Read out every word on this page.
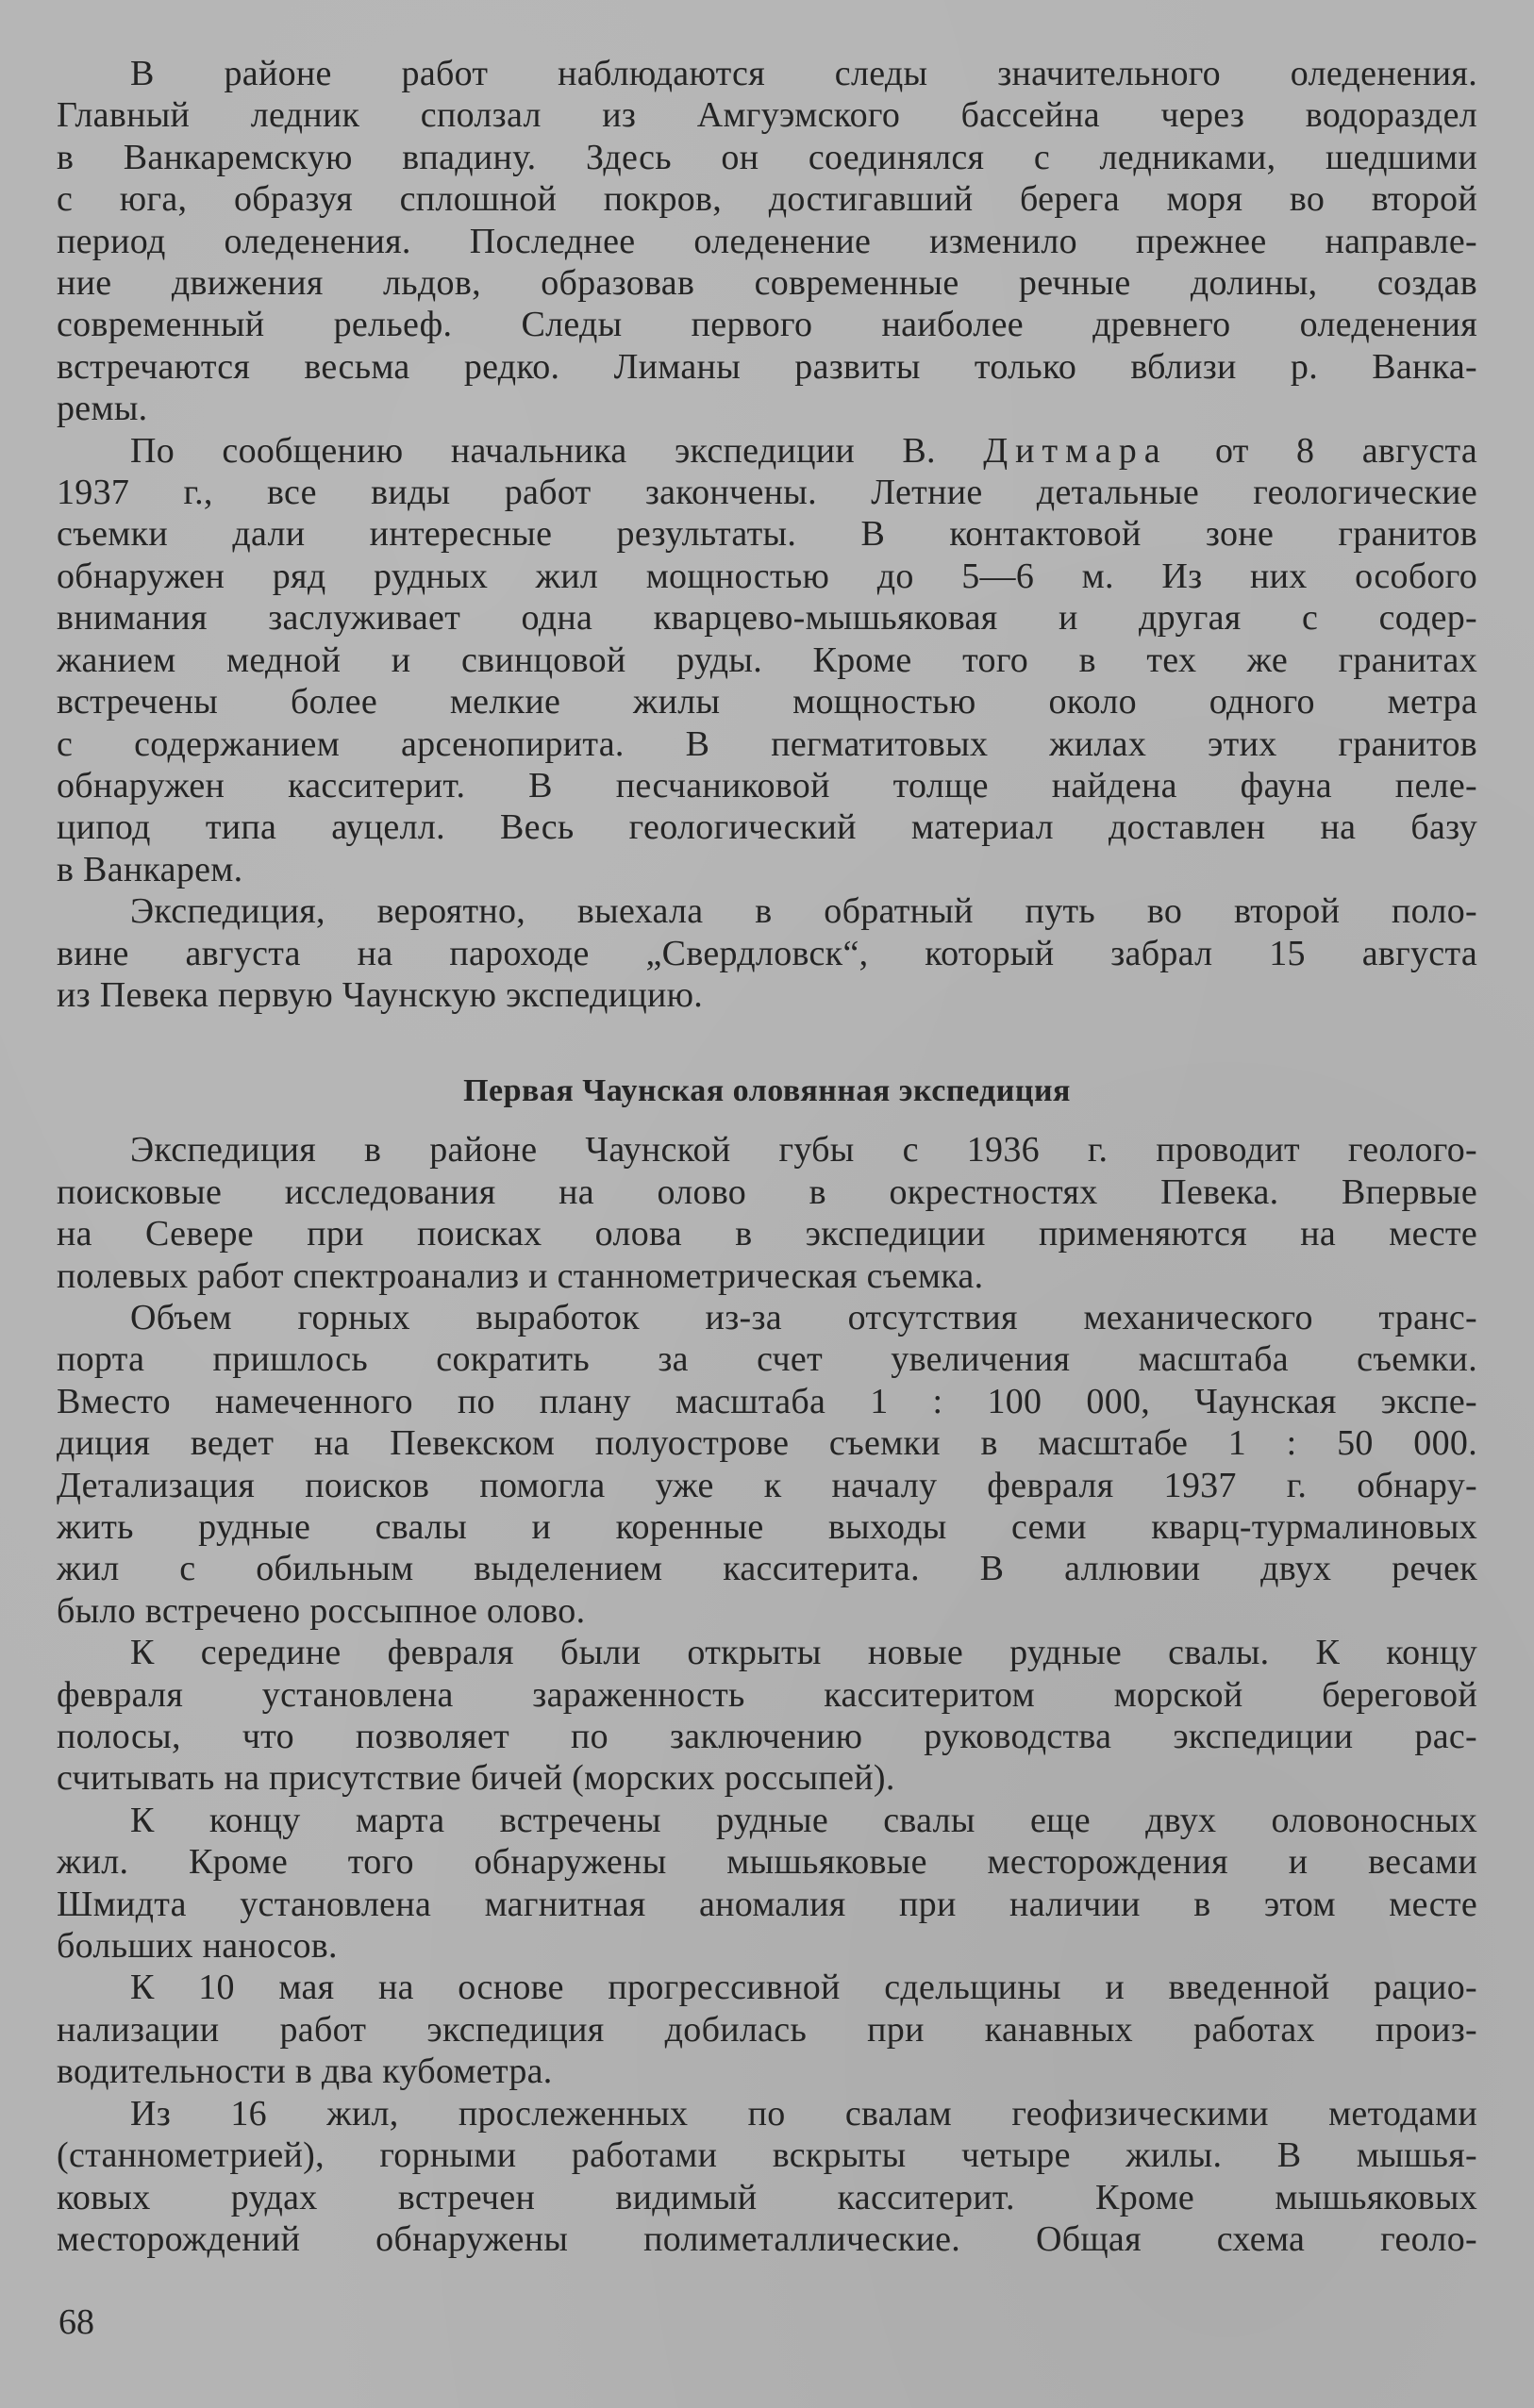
В районе работ наблюдаются следы значительного оледенения.
Главный ледник сползал из Амгуэмского бассейна через водораздел
в Ванкаремскую впадину. Здесь он соединялся с ледниками, шедшими
с юга, образуя сплошной покров, достигавший берега моря во второй
период оледенения. Последнее оледенение изменило прежнее направле-
ние движения льдов, образовав современные речные долины, создав
современный рельеф. Следы первого наиболее древнего оледенения
встречаются весьма редко. Лиманы развиты только вблизи р. Ванка-
ремы.

По сообщению начальника экспедиции В. Дитмара от 8 августа
1937 г., все виды работ закончены. Летние детальные геологические
съемки дали интересные результаты. В контактовой зоне гранитов
обнаружен ряд рудных жил мощностью до 5—6 м. Из них особого
внимания заслуживает одна кварцево-мышьяковая и другая с содер-
жанием медной и свинцовой руды. Кроме того в тех же гранитах
встречены более мелкие жилы мощностью около одного метра
с содержанием арсенопирита. В пегматитовых жилах этих гранитов
обнаружен касситерит. В песчаниковой толще найдена фауна пеле-
ципод типа ауцелл. Весь геологический материал доставлен на базу
в Ванкарем.

Экспедиция, вероятно, выехала в обратный путь во второй поло-
вине августа на пароходе „Свердловск“, который забрал 15 августа
из Певека первую Чаунскую экспедицию.

Первая Чаунская оловянная экспедиция

Экспедиция в районе Чаунской губы с 1936 г. проводит геолого-
поисковые исследования на олово в окрестностях Певека. Впервые
на Севере при поисках олова в экспедиции применяются на месте
полевых работ спектроанализ и станнометрическая съемка.

Объем горных выработок из-за отсутствия механического транс-
порта пришлось сократить за счет увеличения масштаба съемки.
Вместо намеченного по плану масштаба 1 : 100 000, Чаунская экспе-
диция ведет на Певекском полуострове съемки в масштабе 1 : 50 000.
Детализация поисков помогла уже к началу февраля 1937 г. обнару-
жить рудные свалы и коренные выходы семи кварц-турмалиновых
жил с обильным выделением касситерита. В аллювии двух речек
было встречено россыпное олово.

К середине февраля были открыты новые рудные свалы. К концу
февраля установлена зараженность касситеритом морской береговой
полосы, что позволяет по заключению руководства экспедиции рас-
считывать на присутствие бичей (морских россыпей).

К концу марта встречены рудные свалы еще двух оловоносных
жил. Кроме того обнаружены мышьяковые месторождения и весами
Шмидта установлена магнитная аномалия при наличии в этом месте
больших наносов.

К 10 мая на основе прогрессивной сдельщины и введенной рацио-
нализации работ экспедиция добилась при канавных работах произ-
водительности в два кубометра.

Из 16 жил, прослеженных по свалам геофизическими методами
(станнометрией), горными работами вскрыты четыре жилы. В мышья-
ковых рудах встречен видимый касситерит. Кроме мышьяковых
месторождений обнаружены полиметаллические. Общая схема геоло-

68
